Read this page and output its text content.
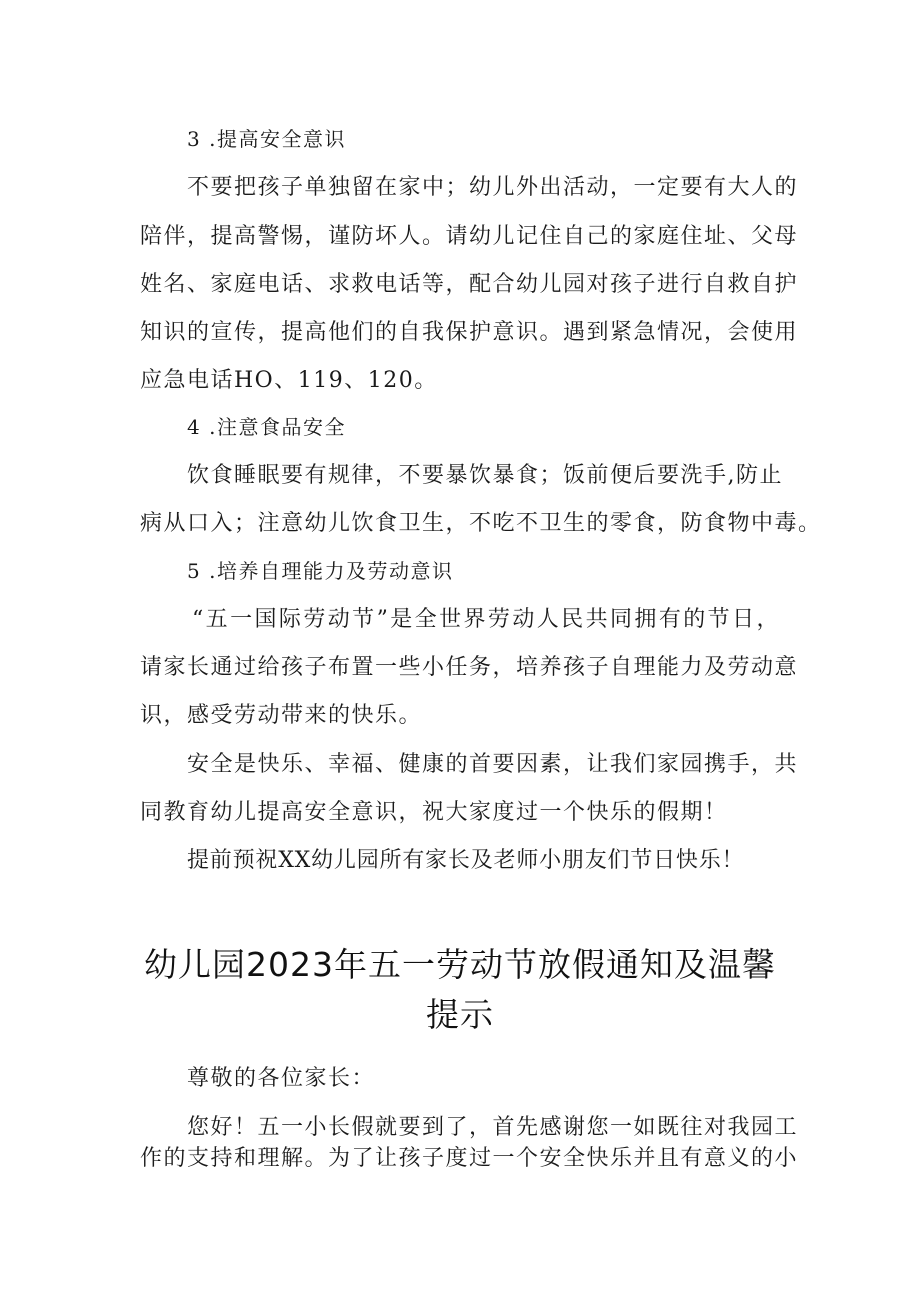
3 .提高安全意识
不要把孩子单独留在家中；幼儿外出活动，一定要有大人的
陪伴，提高警惕，谨防坏人。请幼儿记住自己的家庭住址、父母
姓名、家庭电话、求救电话等，配合幼儿园对孩子进行自救自护
知识的宣传，提高他们的自我保护意识。遇到紧急情况，会使用
应急电话HO、119、120。
4 .注意食品安全
饮食睡眠要有规律，不要暴饮暴食；饭前便后要洗手,防止
病从口入；注意幼儿饮食卫生，不吃不卫生的零食，防食物中毒。
5 .培养自理能力及劳动意识
“五一国际劳动节”是全世界劳动人民共同拥有的节日，
请家长通过给孩子布置一些小任务，培养孩子自理能力及劳动意
识，感受劳动带来的快乐。
安全是快乐、幸福、健康的首要因素，让我们家园携手，共
同教育幼儿提高安全意识，祝大家度过一个快乐的假期！
提前预祝XX幼儿园所有家长及老师小朋友们节日快乐！
幼儿园2023年五一劳动节放假通知及温馨
提示
尊敬的各位家长：
您好！五一小长假就要到了，首先感谢您一如既往对我园工
作的支持和理解。为了让孩子度过一个安全快乐并且有意义的小
